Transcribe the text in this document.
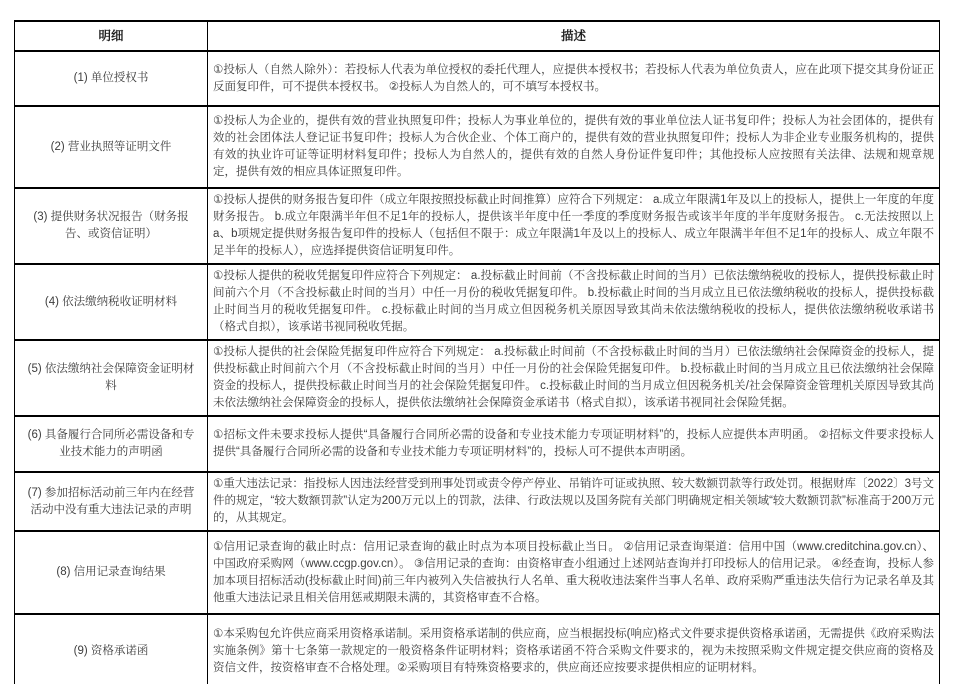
明细	描述
(1) 单位授权书	①投标人（自然人除外）：若投标人代表为单位授权的委托代理人，应提供本授权书；若投标人代表为单位负责人，应在此项下提交其身份证正反面复印件，可不提供本授权书。 ②投标人为自然人的，可不填写本授权书。
(2) 营业执照等证明文件	①投标人为企业的，提供有效的营业执照复印件；投标人为事业单位的，提供有效的事业单位法人证书复印件；投标人为社会团体的，提供有效的社会团体法人登记证书复印件；投标人为合伙企业、个体工商户的，提供有效的营业执照复印件；投标人为非企业专业服务机构的，提供有效的执业许可证等证明材料复印件；投标人为自然人的，提供有效的自然人身份证件复印件；其他投标人应按照有关法律、法规和规章规定，提供有效的相应具体证照复印件。
(3) 提供财务状况报告（财务报告、或资信证明）	①投标人提供的财务报告复印件（成立年限按照投标截止时间推算）应符合下列规定： a.成立年限满1年及以上的投标人，提供上一年度的年度财务报告。 b.成立年限满半年但不足1年的投标人，提供该半年度中任一季度的季度财务报告或该半年度的半年度财务报告。 c.无法按照以上a、b项规定提供财务报告复印件的投标人（包括但不限于：成立年限满1年及以上的投标人、成立年限满半年但不足1年的投标人、成立年限不足半年的投标人），应选择提供资信证明复印件。
(4) 依法缴纳税收证明材料	①投标人提供的税收凭据复印件应符合下列规定： a.投标截止时间前（不含投标截止时间的当月）已依法缴纳税收的投标人，提供投标截止时间前六个月（不含投标截止时间的当月）中任一月份的税收凭据复印件。 b.投标截止时间的当月成立且已依法缴纳税收的投标人，提供投标截止时间当月的税收凭据复印件。 c.投标截止时间的当月成立但因税务机关原因导致其尚未依法缴纳税收的投标人，提供依法缴纳税收承诺书（格式自拟），该承诺书视同税收凭据。
(5) 依法缴纳社会保障资金证明材料	①投标人提供的社会保险凭据复印件应符合下列规定： a.投标截止时间前（不含投标截止时间的当月）已依法缴纳社会保障资金的投标人，提供投标截止时间前六个月（不含投标截止时间的当月）中任一月份的社会保险凭据复印件。 b.投标截止时间的当月成立且已依法缴纳社会保障资金的投标人，提供投标截止时间当月的社会保险凭据复印件。 c.投标截止时间的当月成立但因税务机关/社会保障资金管理机关原因导致其尚未依法缴纳社会保障资金的投标人，提供依法缴纳社会保障资金承诺书（格式自拟），该承诺书视同社会保险凭据。
(6) 具备履行合同所必需设备和专业技术能力的声明函	①招标文件未要求投标人提供“具备履行合同所必需的设备和专业技术能力专项证明材料”的，投标人应提供本声明函。 ②招标文件要求投标人提供“具备履行合同所必需的设备和专业技术能力专项证明材料”的，投标人可不提供本声明函。
(7) 参加招标活动前三年内在经营活动中没有重大违法记录的声明	①重大违法记录：指投标人因违法经营受到刑事处罚或责令停产停业、吊销许可证或执照、较大数额罚款等行政处罚。根据财库〔2022〕3号文件的规定，“较大数额罚款”认定为200万元以上的罚款，法律、行政法规以及国务院有关部门明确规定相关领域“较大数额罚款”标准高于200万元的，从其规定。
(8) 信用记录查询结果	①信用记录查询的截止时点：信用记录查询的截止时点为本项目投标截止当日。 ②信用记录查询渠道：信用中国（www.creditchina.gov.cn）、中国政府采购网（www.ccgp.gov.cn）。 ③信用记录的查询：由资格审查小组通过上述网站查询并打印投标人的信用记录。 ④经查询，投标人参加本项目招标活动(投标截止时间)前三年内被列入失信被执行人名单、重大税收违法案件当事人名单、政府采购严重违法失信行为记录名单及其他重大违法记录且相关信用惩戒期限未满的，其资格审查不合格。
(9) 资格承诺函	①本采购包允许供应商采用资格承诺制。采用资格承诺制的供应商，应当根据投标(响应)格式文件要求提供资格承诺函，无需提供《政府采购法实施条例》第十七条第一款规定的一般资格条件证明材料；资格承诺函不符合采购文件要求的，视为未按照采购文件规定提交供应商的资格及资信文件，按资格审查不合格处理。②采购项目有特殊资格要求的，供应商还应按要求提供相应的证明材料。
